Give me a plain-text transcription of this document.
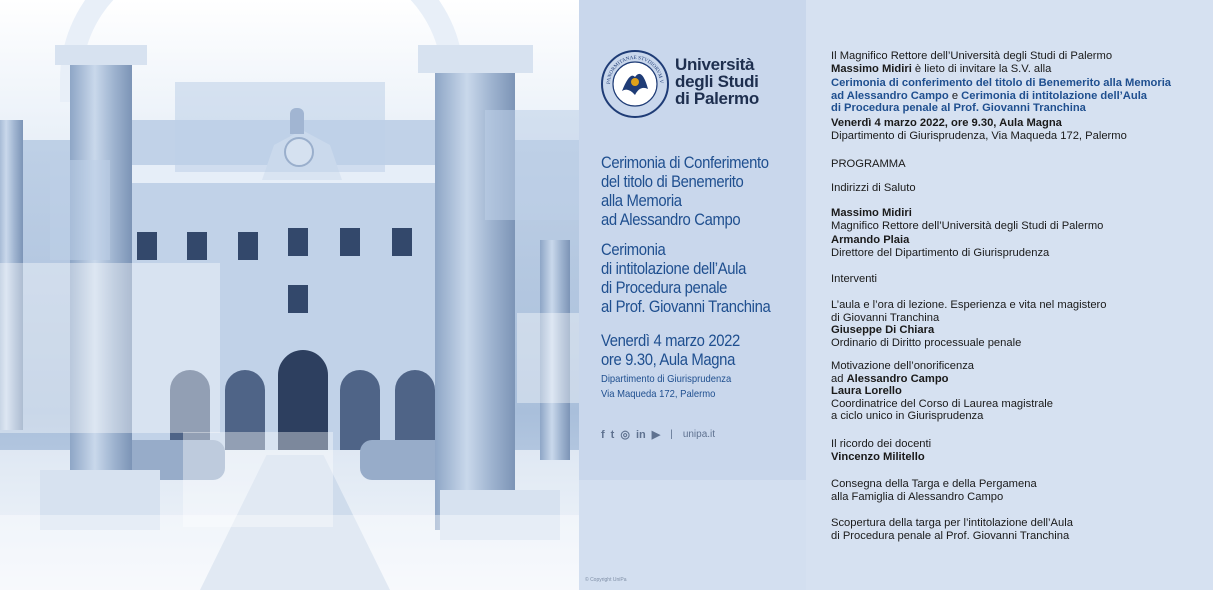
PANORMITANAE STVDIORVM V
Università
degli Studi
di Palermo
Cerimonia di Conferimento
del titolo di Benemerito
alla Memoria
ad Alessandro Campo
Cerimonia
di intitolazione dell’Aula
di Procedura penale
al Prof. Giovanni Tranchina
Venerdì 4 marzo 2022
ore 9.30, Aula Magna
Dipartimento di Giurisprudenza
Via Maqueda 172, Palermo
f t ◎ in ▶ | unipa.it
© Copyright UniPa
Il Magnifico Rettore dell’Università degli Studi di Palermo
Massimo Midiri è lieto di invitare la S.V. alla
Cerimonia di conferimento del titolo di Benemerito alla Memoria
ad Alessandro Campo e Cerimonia di intitolazione dell’Aula
di Procedura penale al Prof. Giovanni Tranchina
Venerdì 4 marzo 2022, ore 9.30, Aula Magna
Dipartimento di Giurisprudenza, Via Maqueda 172, Palermo
PROGRAMMA
Indirizzi di Saluto
Massimo Midiri
Magnifico Rettore dell’Università degli Studi di Palermo
Armando Plaia
Direttore del Dipartimento di Giurisprudenza
Interventi
L’aula e l’ora di lezione. Esperienza e vita nel magistero
di Giovanni Tranchina
Giuseppe Di Chiara
Ordinario di Diritto processuale penale
Motivazione dell’onorificenza
ad Alessandro Campo
Laura Lorello
Coordinatrice del Corso di Laurea magistrale
a ciclo unico in Giurisprudenza
Il ricordo dei docenti
Vincenzo Militello
Consegna della Targa e della Pergamena
alla Famiglia di Alessandro Campo
Scopertura della targa per l’intitolazione dell’Aula
di Procedura penale al Prof. Giovanni Tranchina
